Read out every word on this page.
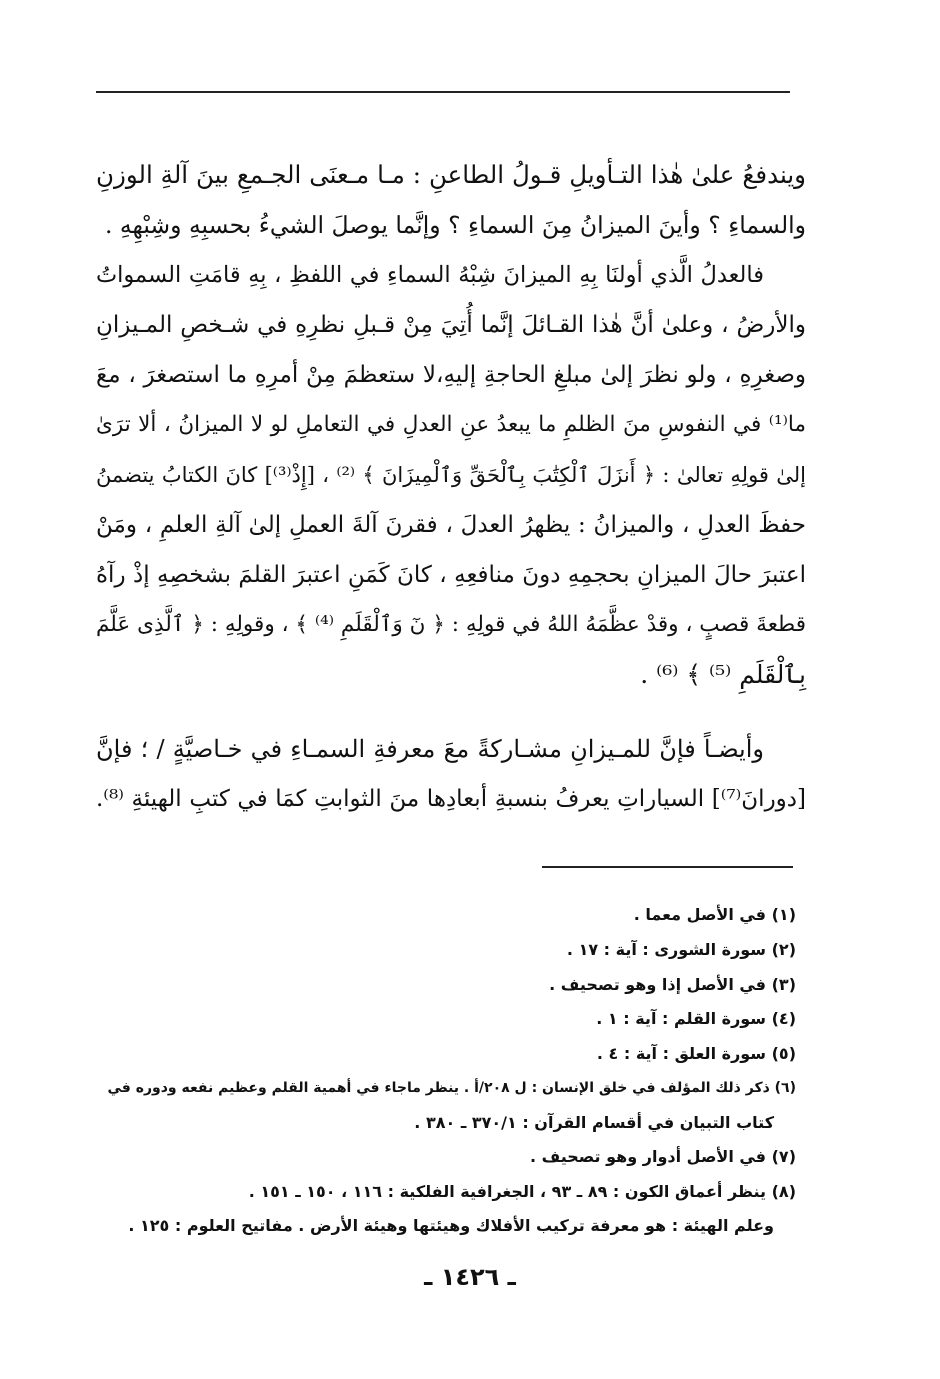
ويندفعُ علىٰ هٰذا التـأويلِ قـولُ الطاعنِ : مـا مـعنَى الجـمعِ بينَ آلةِ الوزنِ
والسماءِ ؟ وأينَ الميزانُ مِنَ السماءِ ؟ وإنَّما يوصلَ الشيءُ بحسبِهِ وشِبْهِهِ .
فالعدلُ الَّذي أولنَا بِهِ الميزانَ شِبْهُ السماءِ في اللفظِ ، بِهِ قامَتِ السمواتُ
والأرضُ ، وعلىٰ أنَّ هٰذا القـائلَ إنَّما أُتِيَ مِنْ قـبلِ نظرِهِ في شـخصِ المـيزانِ
وصغرِهِ ، ولو نظرَ إلىٰ مبلغِ الحاجةِ إليهِ،لا ستعظمَ مِنْ أمرِهِ ما استصغرَ ، معَ
ما⁽¹⁾ في النفوسِ منَ الظلمِ ما يبعدُ عنِ العدلِ في التعاملِ لو لا الميزانُ ، ألا ترَىٰ
إلىٰ قولِهِ تعالىٰ : ﴿ أَنزَلَ ٱلْكِتَٰبَ بِٱلْحَقِّ وَٱلْمِيزَانَ ﴾ ⁽²⁾ ، [إِذْ⁽³⁾] كانَ الكتابُ يتضمنُ
حفظَ العدلِ ، والميزانُ : يظهرُ العدلَ ، فقرنَ آلةَ العملِ إلىٰ آلةِ العلمِ ، ومَنْ
اعتبرَ حالَ الميزانِ بحجمِهِ دونَ منافعِهِ ، كانَ كَمَنِ اعتبرَ القلمَ بشخصِهِ إذْ رآهُ
قطعةَ قصبٍ ، وقدْ عظَّمَهُ اللهُ في قولِهِ : ﴿ نٓ وَٱلْقَلَمِ ⁽⁴⁾ ﴾ ، وقولِهِ : ﴿ ٱلَّذِى عَلَّمَ
بِٱلْقَلَمِ ⁽⁵⁾ ﴾ ⁽⁶⁾ .
وأيضـاً فإنَّ للمـيزانِ مشـاركةً معَ معرفةِ السمـاءِ في خـاصيَّةٍ / ؛ فإنَّ
[دورانَ⁽⁷⁾] السياراتِ يعرفُ بنسبةِ أبعادِها منَ الثوابتِ كمَا في كتبِ الهيئةِ ⁽⁸⁾.
(١) في الأصل معما .
(٢) سورة الشورى : آية : ١٧ .
(٣) في الأصل إذا وهو تصحيف .
(٤) سورة القلم : آية : ١ .
(٥) سورة العلق : آية : ٤ .
(٦) ذكر ذلك المؤلف في خلق الإنسان : ل ٢٠٨/أ . ينظر ماجاء في أهمية القلم وعظيم نفعه ودوره في
كتاب التبيان في أقسام القرآن : ٣٧٠/١ ـ ٣٨٠ .
(٧) في الأصل أدوار وهو تصحيف .
(٨) ينظر أعماق الكون : ٨٩ ـ ٩٣ ، الجغرافية الفلكية : ١١٦ ، ١٥٠ ـ ١٥١ .
وعلم الهيئة : هو معرفة تركيب الأفلاك وهيئتها وهيئة الأرض . مفاتيح العلوم : ١٢٥ .
ـ ١٤٢٦ ـ
